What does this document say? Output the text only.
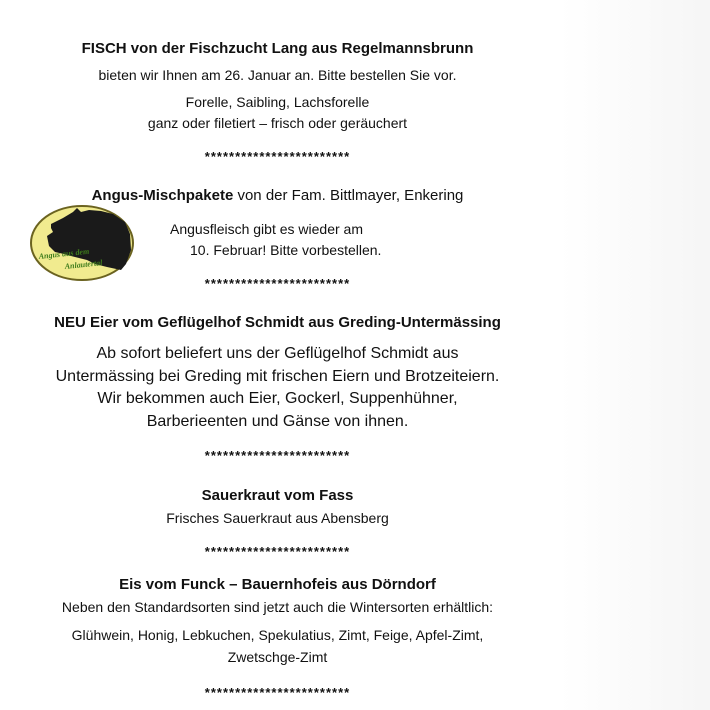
FISCH von der Fischzucht Lang aus Regelmannsbrunn
bieten wir Ihnen am 26. Januar an. Bitte bestellen Sie vor.
Forelle, Saibling, Lachsforelle
ganz oder filetiert – frisch oder geräuchert
************************
Angus-Mischpakete von der Fam. Bittlmayer, Enkering
Angus aus dem
Anlautertal
Angusfleisch gibt es wieder am
10. Februar! Bitte vorbestellen.
************************
NEU Eier vom Geflügelhof Schmidt aus Greding-Untermässing
Ab sofort beliefert uns der Geflügelhof Schmidt aus
Untermässing bei Greding mit frischen Eiern und Brotzeiteiern.
Wir bekommen auch Eier, Gockerl, Suppenhühner,
Barberieenten und Gänse von ihnen.
************************
Sauerkraut vom Fass
Frisches Sauerkraut aus Abensberg
************************
Eis vom Funck – Bauernhofeis aus Dörndorf
Neben den Standardsorten sind jetzt auch die Wintersorten erhältlich:
Glühwein, Honig, Lebkuchen, Spekulatius, Zimt, Feige, Apfel-Zimt,
Zwetschge-Zimt
************************
